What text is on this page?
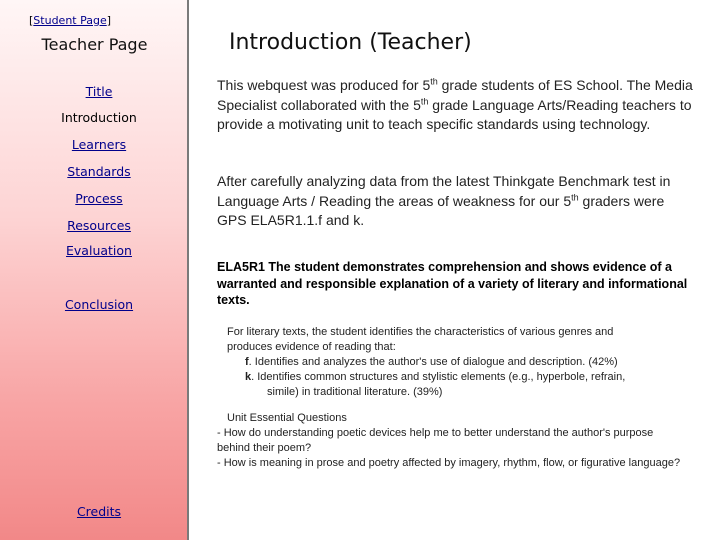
[Student Page]
Teacher Page
Title
Introduction
Learners
Standards
Process
Resources
Evaluation
Conclusion
Credits
Introduction (Teacher)
This webquest was produced for 5th grade students of ES School. The Media Specialist collaborated with the 5th grade Language Arts/Reading teachers to provide a motivating unit to teach specific standards using technology.
After carefully analyzing data from the latest Thinkgate Benchmark test in Language Arts / Reading the areas of weakness for our 5th graders were GPS ELA5R1.1.f and k.
ELA5R1 The student demonstrates comprehension and shows evidence of a warranted and responsible explanation of a variety of literary and informational texts.
For literary texts, the student identifies the characteristics of various genres and
produces evidence of reading that:
f. Identifies and analyzes the author's use of dialogue and description. (42%)
k. Identifies common structures and stylistic elements (e.g., hyperbole, refrain,
simile) in traditional literature. (39%)
Unit Essential Questions
- How do understanding poetic devices help me to better understand the author's purpose behind their poem?
- How is meaning in prose and poetry affected by imagery, rhythm, flow, or figurative language?
